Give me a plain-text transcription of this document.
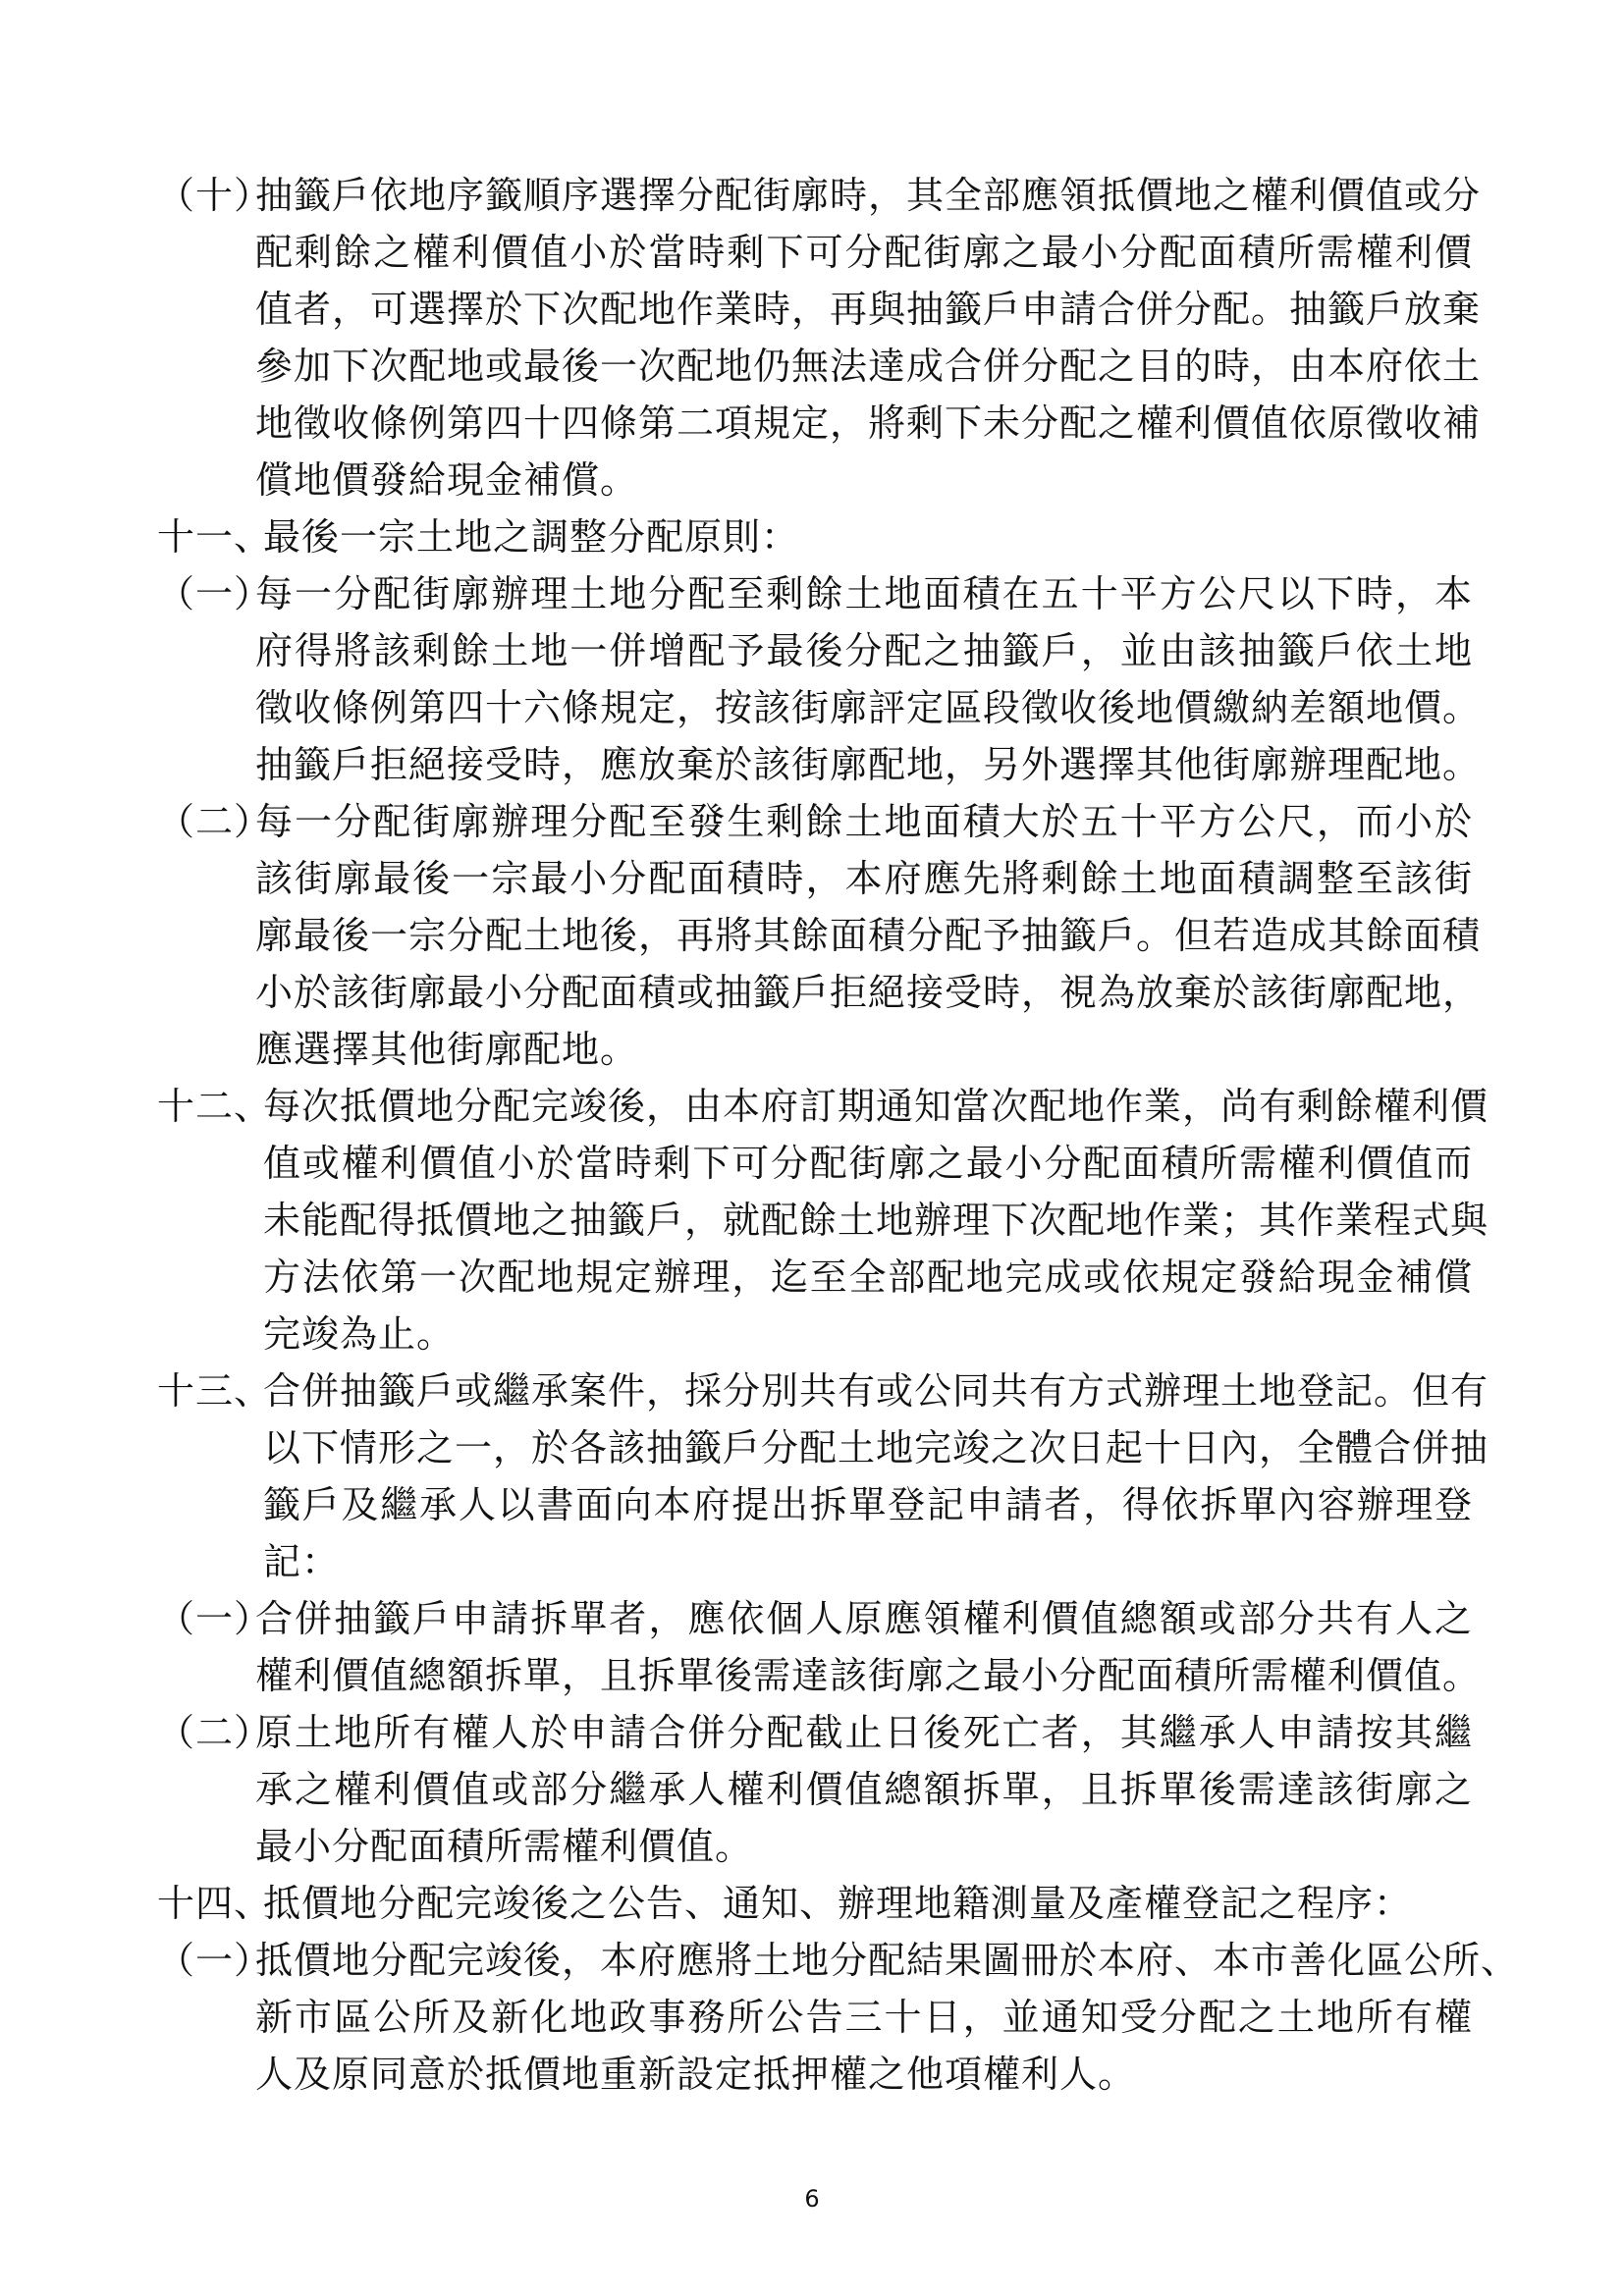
（十）
抽籤戶依地序籤順序選擇分配街廓時，其全部應領抵價地之權利價值或分
配剩餘之權利價值小於當時剩下可分配街廓之最小分配面積所需權利價
值者，可選擇於下次配地作業時，再與抽籤戶申請合併分配。抽籤戶放棄
參加下次配地或最後一次配地仍無法達成合併分配之目的時，由本府依土
地徵收條例第四十四條第二項規定，將剩下未分配之權利價值依原徵收補
償地價發給現金補償。
十一、
最後一宗土地之調整分配原則：
（一）
每一分配街廓辦理土地分配至剩餘土地面積在五十平方公尺以下時，本
府得將該剩餘土地一併增配予最後分配之抽籤戶，並由該抽籤戶依土地
徵收條例第四十六條規定，按該街廓評定區段徵收後地價繳納差額地價。
抽籤戶拒絕接受時，應放棄於該街廓配地，另外選擇其他街廓辦理配地。
（二）
每一分配街廓辦理分配至發生剩餘土地面積大於五十平方公尺，而小於
該街廓最後一宗最小分配面積時，本府應先將剩餘土地面積調整至該街
廓最後一宗分配土地後，再將其餘面積分配予抽籤戶。但若造成其餘面積
小於該街廓最小分配面積或抽籤戶拒絕接受時，視為放棄於該街廓配地，
應選擇其他街廓配地。
十二、
每次抵價地分配完竣後，由本府訂期通知當次配地作業，尚有剩餘權利價
值或權利價值小於當時剩下可分配街廓之最小分配面積所需權利價值而
未能配得抵價地之抽籤戶，就配餘土地辦理下次配地作業；其作業程式與
方法依第一次配地規定辦理，迄至全部配地完成或依規定發給現金補償
完竣為止。
十三、
合併抽籤戶或繼承案件，採分別共有或公同共有方式辦理土地登記。但有
以下情形之一，於各該抽籤戶分配土地完竣之次日起十日內，全體合併抽
籤戶及繼承人以書面向本府提出拆單登記申請者，得依拆單內容辦理登
記：
（一）
合併抽籤戶申請拆單者，應依個人原應領權利價值總額或部分共有人之
權利價值總額拆單，且拆單後需達該街廓之最小分配面積所需權利價值。
（二）
原土地所有權人於申請合併分配截止日後死亡者，其繼承人申請按其繼
承之權利價值或部分繼承人權利價值總額拆單，且拆單後需達該街廓之
最小分配面積所需權利價值。
十四、
抵價地分配完竣後之公告、通知、辦理地籍測量及產權登記之程序：
（一）
抵價地分配完竣後，本府應將土地分配結果圖冊於本府、本市善化區公所、
新市區公所及新化地政事務所公告三十日，並通知受分配之土地所有權
人及原同意於抵價地重新設定抵押權之他項權利人。
6
